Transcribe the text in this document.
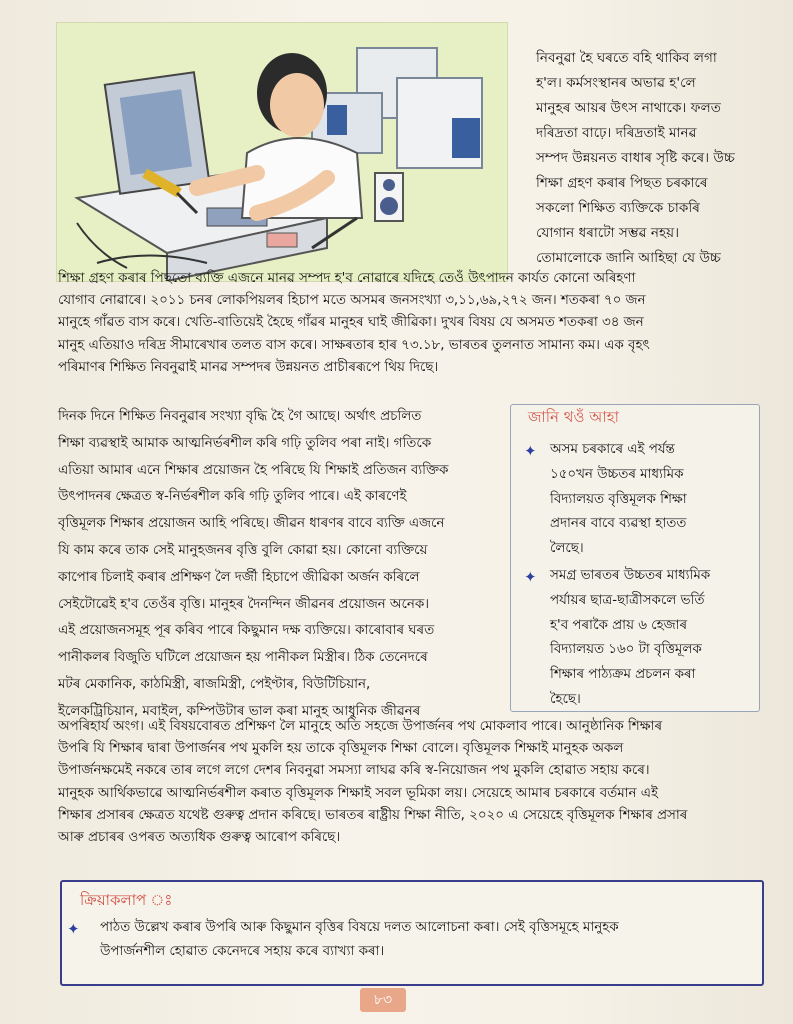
নিবনুৱা হৈ ঘৰতে বহি থাকিব লগা
হ'ল। কৰ্মসংস্থানৰ অভাৱ হ'লে
মানুহৰ আয়ৰ উৎস নাথাকে। ফলত
দৰিদ্ৰতা বাঢ়ে। দৰিদ্ৰতাই মানৱ
সম্পদ উন্নয়নত বাধাৰ সৃষ্টি কৰে। উচ্চ
শিক্ষা গ্ৰহণ কৰাৰ পিছত চৰকাৰে
সকলো শিক্ষিত ব্যক্তিকে চাকৰি
যোগান ধৰাটো সম্ভৱ নহয়।
তোমালোকে জানি আহিছা যে উচ্চ
শিক্ষা গ্ৰহণ কৰাৰ পিছতো ব্যক্তি এজনে মানৱ সম্পদ হ'ব নোৱাৰে যদিহে তেওঁ উৎপাদন কাৰ্যত কোনো অৰিহণা
যোগাব নোৱাৰে। ২০১১ চনৰ লোকপিয়লৰ হিচাপ মতে অসমৰ জনসংখ্যা ৩,১১,৬৯,২৭২ জন। শতকৰা ৭০ জন
মানুহে গাঁৱত বাস কৰে। খেতি-বাতিয়েই হৈছে গাঁৱৰ মানুহৰ ঘাই জীৱিকা। দুখৰ বিষয় যে অসমত শতকৰা ৩৪ জন
মানুহ এতিয়াও দৰিদ্ৰ সীমাৰেখাৰ তলত বাস কৰে। সাক্ষৰতাৰ হাৰ ৭৩.১৮, ভাৰতৰ তুলনাত সামান্য কম। এক বৃহৎ
পৰিমাণৰ শিক্ষিত নিবনুৱাই মানৱ সম্পদৰ উন্নয়নত প্ৰাচীৰৰূপে থিয় দিছে।
দিনক দিনে শিক্ষিত নিবনুৱাৰ সংখ্যা বৃদ্ধি হৈ গৈ আছে। অৰ্থাৎ প্ৰচলিত
শিক্ষা ব্যৱস্থাই আমাক আত্মনিৰ্ভৰশীল কৰি গঢ়ি তুলিব পৰা নাই। গতিকে
এতিয়া আমাৰ এনে শিক্ষাৰ প্ৰয়োজন হৈ পৰিছে যি শিক্ষাই প্ৰতিজন ব্যক্তিক
উৎপাদনৰ ক্ষেত্ৰত স্ব-নিৰ্ভৰশীল কৰি গঢ়ি তুলিব পাৰে। এই কাৰণেই
বৃত্তিমূলক শিক্ষাৰ প্ৰয়োজন আহি পৰিছে। জীৱন ধাৰণৰ বাবে ব্যক্তি এজনে
যি কাম কৰে তাক সেই মানুহজনৰ বৃত্তি বুলি কোৱা হয়। কোনো ব্যক্তিয়ে
কাপোৰ চিলাই কৰাৰ প্ৰশিক্ষণ লৈ দৰ্জী হিচাপে জীৱিকা অৰ্জন কৰিলে
সেইটোৱেই হ'ব তেওঁৰ বৃত্তি। মানুহৰ দৈনন্দিন জীৱনৰ প্ৰয়োজন অনেক।
এই প্ৰয়োজনসমূহ পূৰ কৰিব পাৰে কিছুমান দক্ষ ব্যক্তিয়ে। কাৰোবাৰ ঘৰত
পানীকলৰ বিজুতি ঘটিলে প্ৰয়োজন হয় পানীকল মিস্ত্ৰীৰ। ঠিক তেনেদৰে
মটৰ মেকানিক, কাঠমিস্ত্ৰী, ৰাজমিস্ত্ৰী, পেইণ্টাৰ, বিউটিচিয়ান,
ইলেকট্ৰিচিয়ান, মবাইল, কম্পিউটাৰ ভাল কৰা মানুহ আধুনিক জীৱনৰ
জানি থওঁ আহা
✦ অসম চৰকাৰে এই পৰ্যন্ত
১৫০খন উচ্চতৰ মাধ্যমিক
বিদ্যালয়ত বৃত্তিমূলক শিক্ষা
প্ৰদানৰ বাবে ব্যৱস্থা হাতত
লৈছে।
✦ সমগ্ৰ ভাৰতৰ উচ্চতৰ মাধ্যমিক
পৰ্যায়ৰ ছাত্ৰ-ছাত্ৰীসকলে ভৰ্তি
হ'ব পৰাকৈ প্ৰায় ৬ হেজাৰ
বিদ্যালয়ত ১৬০ টা বৃত্তিমূলক
শিক্ষাৰ পাঠ্যক্ৰম প্ৰচলন কৰা
হৈছে।
অপৰিহাৰ্য অংগ। এই বিষয়বোৰত প্ৰশিক্ষণ লৈ মানুহে অতি সহজে উপাৰ্জনৰ পথ মোকলাব পাৰে। আনুষ্ঠানিক শিক্ষাৰ
উপৰি যি শিক্ষাৰ দ্বাৰা উপাৰ্জনৰ পথ মুকলি হয় তাকে বৃত্তিমূলক শিক্ষা বোলে। বৃত্তিমূলক শিক্ষাই মানুহক অকল
উপাৰ্জনক্ষমেই নকৰে তাৰ লগে লগে দেশৰ নিবনুৱা সমস্যা লাঘৱ কৰি স্ব-নিয়োজন পথ মুকলি হোৱাত সহায় কৰে।
মানুহক আৰ্থিকভাৱে আত্মনিৰ্ভৰশীল কৰাত বৃত্তিমূলক শিক্ষাই সবল ভূমিকা লয়। সেয়েহে আমাৰ চৰকাৰে বৰ্তমান এই
শিক্ষাৰ প্ৰসাৰৰ ক্ষেত্ৰত যথেষ্ট গুৰুত্ব প্ৰদান কৰিছে। ভাৰতৰ ৰাষ্ট্ৰীয় শিক্ষা নীতি, ২০২০ এ সেয়েহে বৃত্তিমূলক শিক্ষাৰ প্ৰসাৰ
আৰু প্ৰচাৰৰ ওপৰত অত্যধিক গুৰুত্ব আৰোপ কৰিছে।
ক্ৰিয়াকলাপ ঃ
✦ পাঠত উল্লেখ কৰাৰ উপৰি আৰু কিছুমান বৃত্তিৰ বিষয়ে দলত আলোচনা কৰা। সেই বৃত্তিসমূহে মানুহক
উপাৰ্জনশীল হোৱাত কেনেদৰে সহায় কৰে ব্যাখ্যা কৰা।
৮৩
